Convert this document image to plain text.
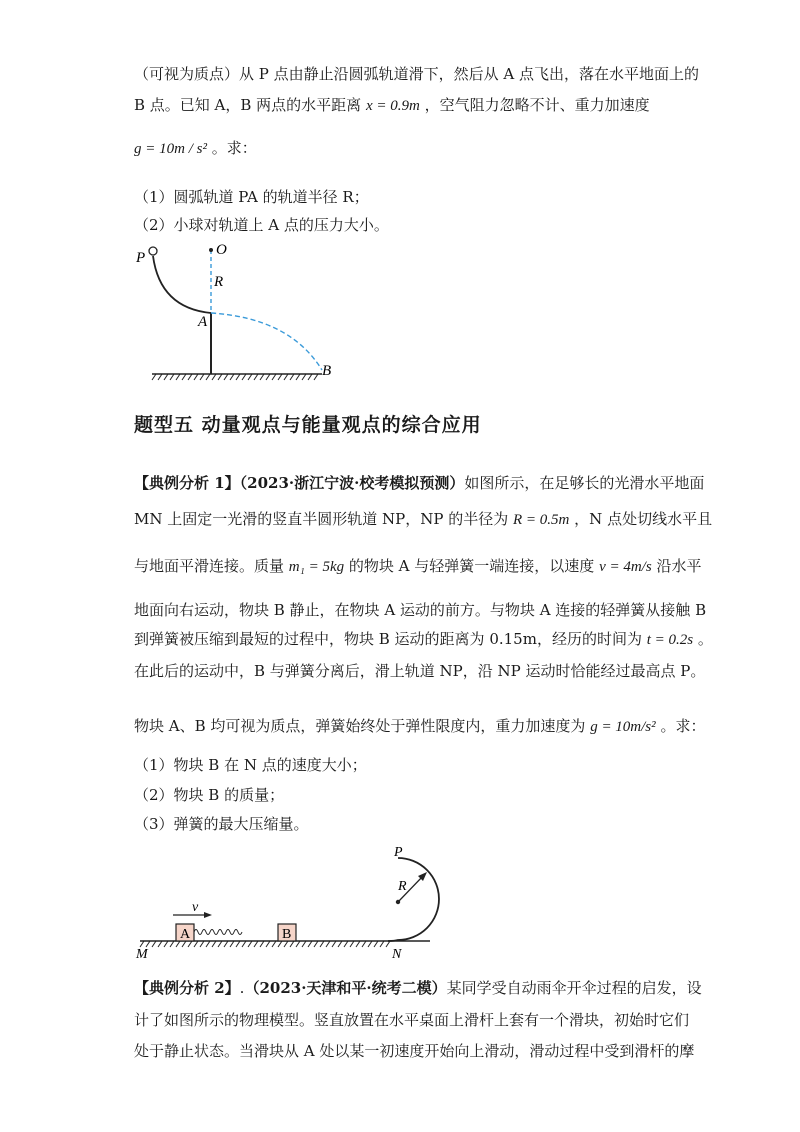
（可视为质点）从 P 点由静止沿圆弧轨道滑下，然后从 A 点飞出，落在水平地面上的
B 点。已知 A，B 两点的水平距离 x = 0.9m ，空气阻力忽略不计、重力加速度
g = 10m / s² 。求：
（1）圆弧轨道 PA 的轨道半径 R；
（2）小球对轨道上 A 点的压力大小。
P	O
R
A
B
题型五 动量观点与能量观点的综合应用
【典例分析 1】（2023·浙江宁波·校考模拟预测）如图所示，在足够长的光滑水平地面
MN 上固定一光滑的竖直半圆形轨道 NP，NP 的半径为 R = 0.5m ，N 点处切线水平且
与地面平滑连接。质量 m₁ = 5kg 的物块 A 与轻弹簧一端连接，以速度 v = 4m/s 沿水平
地面向右运动，物块 B 静止，在物块 A 运动的前方。与物块 A 连接的轻弹簧从接触 B
到弹簧被压缩到最短的过程中，物块 B 运动的距离为 0.15m，经历的时间为 t = 0.2s 。
在此后的运动中，B 与弹簧分离后，滑上轨道 NP，沿 NP 运动时恰能经过最高点 P。
物块 A、B 均可视为质点，弹簧始终处于弹性限度内，重力加速度为 g = 10m/s² 。求：
（1）物块 B 在 N 点的速度大小；
（2）物块 B 的质量；
（3）弹簧的最大压缩量。
v
A	B
M	N
P
R
【典例分析 2】.（2023·天津和平·统考二模）某同学受自动雨伞开伞过程的启发，设
计了如图所示的物理模型。竖直放置在水平桌面上滑杆上套有一个滑块，初始时它们
处于静止状态。当滑块从 A 处以某一初速度开始向上滑动，滑动过程中受到滑杆的摩
